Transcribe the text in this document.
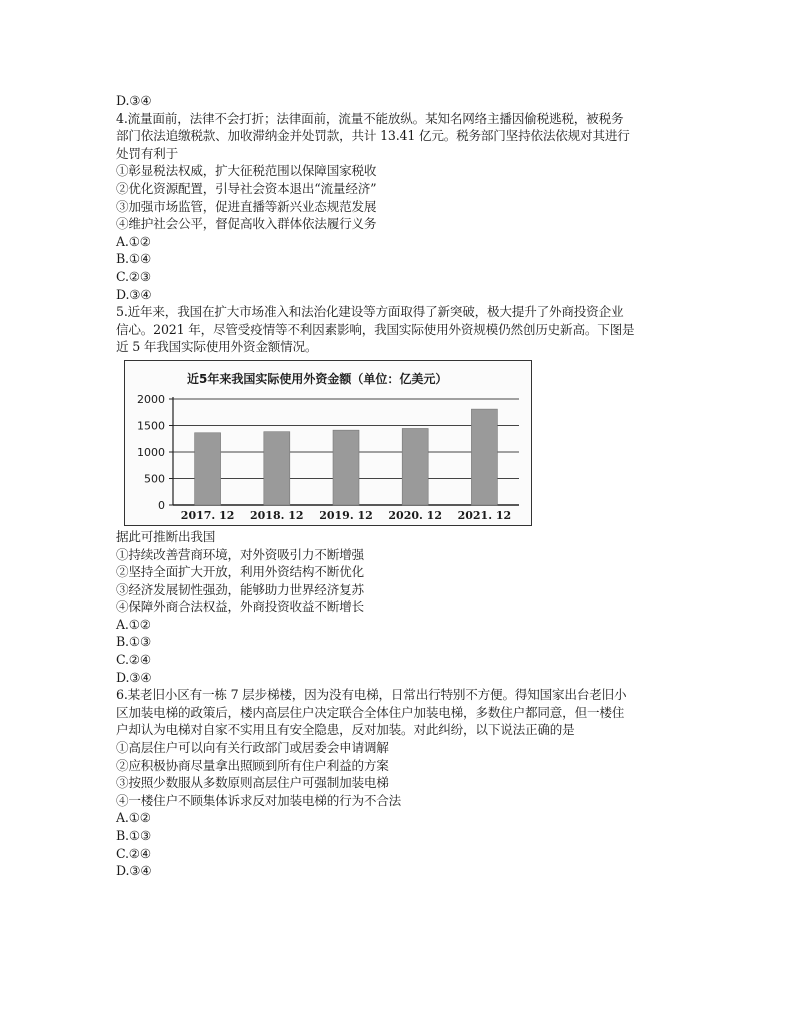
D.③④
4.流量面前，法律不会打折；法律面前，流量不能放纵。某知名网络主播因偷税逃税，被税务
部门依法追缴税款、加收滞纳金并处罚款，共计 13.41 亿元。税务部门坚持依法依规对其进行
处罚有利于
①彰显税法权威，扩大征税范围以保障国家税收
②优化资源配置，引导社会资本退出“流量经济”
③加强市场监管，促进直播等新兴业态规范发展
④维护社会公平，督促高收入群体依法履行义务
A.①②
B.①④
C.②③
D.③④
5.近年来，我国在扩大市场准入和法治化建设等方面取得了新突破，极大提升了外商投资企业
信心。2021 年，尽管受疫情等不利因素影响，我国实际使用外资规模仍然创历史新高。下图是
近 5 年我国实际使用外资金额情况。
近5年来我国实际使用外资金额（单位：亿美元）
0
500
1000
1500
2000
2017. 12 2018. 12 2019. 12 2020. 12 2021. 12
据此可推断出我国
①持续改善营商环境，对外资吸引力不断增强
②坚持全面扩大开放，利用外资结构不断优化
③经济发展韧性强劲，能够助力世界经济复苏
④保障外商合法权益，外商投资收益不断增长
A.①②
B.①③
C.②④
D.③④
6.某老旧小区有一栋 7 层步梯楼，因为没有电梯，日常出行特别不方便。得知国家出台老旧小
区加装电梯的政策后，楼内高层住户决定联合全体住户加装电梯，多数住户都同意，但一楼住
户却认为电梯对自家不实用且有安全隐患，反对加装。对此纠纷，以下说法正确的是
①高层住户可以向有关行政部门或居委会申请调解
②应积极协商尽量拿出照顾到所有住户利益的方案
③按照少数服从多数原则高层住户可强制加装电梯
④一楼住户不顾集体诉求反对加装电梯的行为不合法
A.①②
B.①③
C.②④
D.③④
